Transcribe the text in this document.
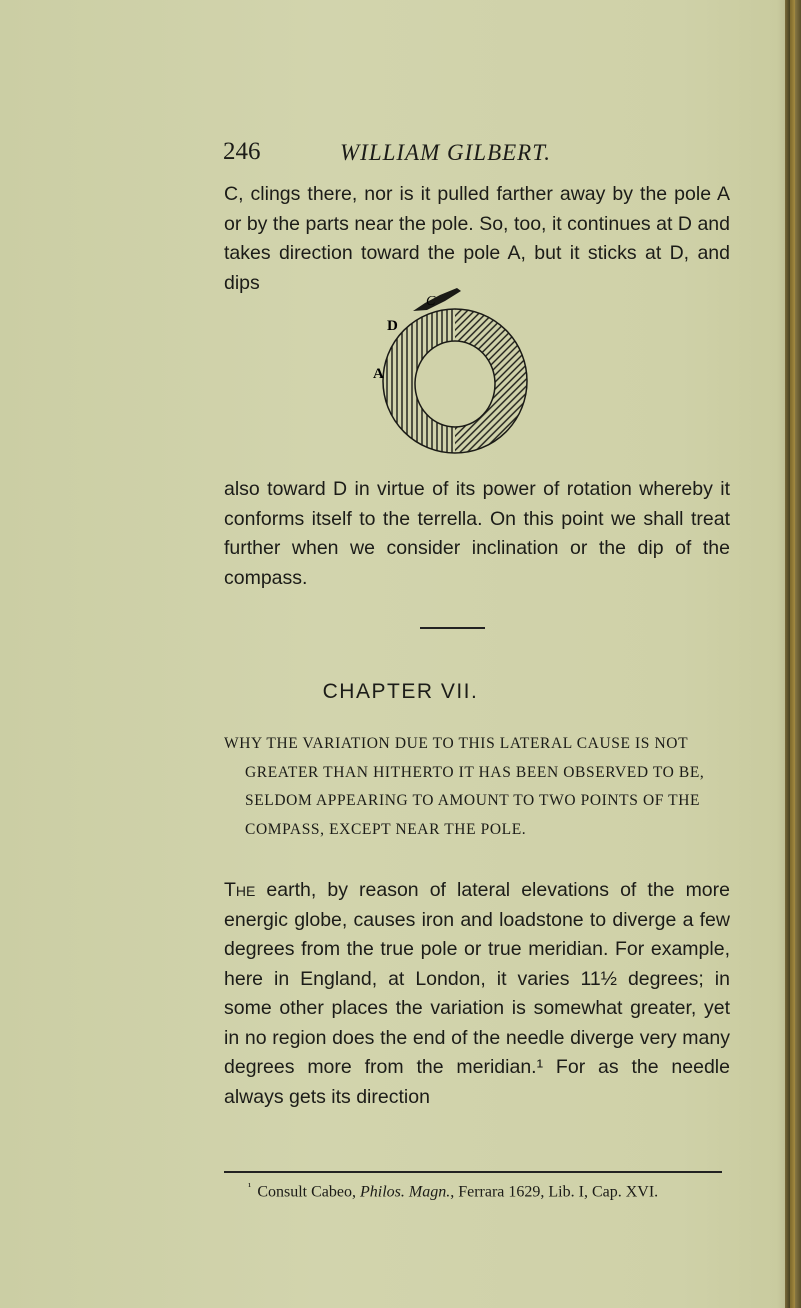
246	WILLIAM GILBERT.

C, clings there, nor is it pulled farther away by the pole A or by the parts near the pole. So, too, it continues at D and takes direction toward the pole A, but it sticks at D, and dips

D
C
A

also toward D in virtue of its power of rotation whereby it conforms itself to the terrella. On this point we shall treat further when we consider inclination or the dip of the compass.

CHAPTER VII.
WHY THE VARIATION DUE TO THIS LATERAL CAUSE IS NOT GREATER THAN HITHERTO IT HAS BEEN OBSERVED TO BE, SELDOM APPEARING TO AMOUNT TO TWO POINTS OF THE COMPASS, EXCEPT NEAR THE POLE.

The earth, by reason of lateral elevations of the more energic globe, causes iron and loadstone to diverge a few degrees from the true pole or true meridian. For example, here in England, at London, it varies 11½ degrees; in some other places the variation is somewhat greater, yet in no region does the end of the needle diverge very many degrees more from the meridian.¹ For as the needle always gets its direction

$^{^1}$ Consult Cabeo, Philos. Magn., Ferrara 1629, Lib. I, Cap. XVI.
